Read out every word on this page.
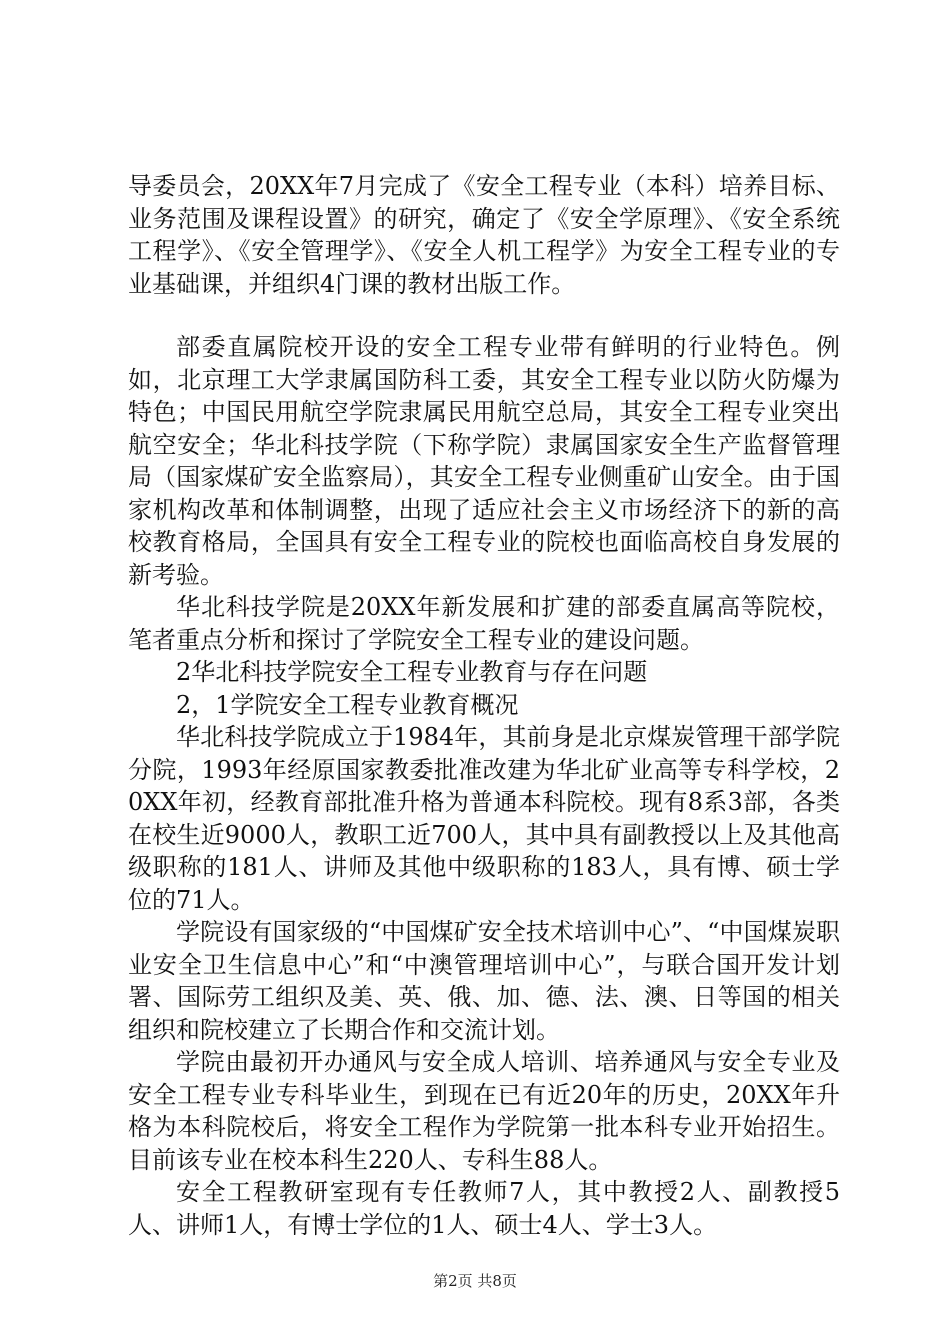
导委员会，20XX年7月完成了《安全工程专业（本科）培养目标、业务范围及课程设置》的研究，确定了《安全学原理》、《安全系统工程学》、《安全管理学》、《安全人机工程学》为安全工程专业的专业基础课，并组织4门课的教材出版工作。

部委直属院校开设的安全工程专业带有鲜明的行业特色。例如，北京理工大学隶属国防科工委，其安全工程专业以防火防爆为特色；中国民用航空学院隶属民用航空总局，其安全工程专业突出航空安全；华北科技学院（下称学院）隶属国家安全生产监督管理局（国家煤矿安全监察局），其安全工程专业侧重矿山安全。由于国家机构改革和体制调整，出现了适应社会主义市场经济下的新的高校教育格局，全国具有安全工程专业的院校也面临高校自身发展的新考验。

华北科技学院是20XX年新发展和扩建的部委直属高等院校，笔者重点分析和探讨了学院安全工程专业的建设问题。

2华北科技学院安全工程专业教育与存在问题

2，1学院安全工程专业教育概况

华北科技学院成立于1984年，其前身是北京煤炭管理干部学院分院，1993年经原国家教委批准改建为华北矿业高等专科学校，20XX年初，经教育部批准升格为普通本科院校。现有8系3部，各类在校生近9000人，教职工近700人，其中具有副教授以上及其他高级职称的181人、讲师及其他中级职称的183人，具有博、硕士学位的71人。

学院设有国家级的“中国煤矿安全技术培训中心”、“中国煤炭职业安全卫生信息中心”和“中澳管理培训中心”，与联合国开发计划署、国际劳工组织及美、英、俄、加、德、法、澳、日等国的相关组织和院校建立了长期合作和交流计划。

学院由最初开办通风与安全成人培训、培养通风与安全专业及安全工程专业专科毕业生，到现在已有近20年的历史，20XX年升格为本科院校后，将安全工程作为学院第一批本科专业开始招生。目前该专业在校本科生220人、专科生88人。

安全工程教研室现有专任教师7人，其中教授2人、副教授5人、讲师1人，有博士学位的1人、硕士4人、学士3人。

第2页 共8页
